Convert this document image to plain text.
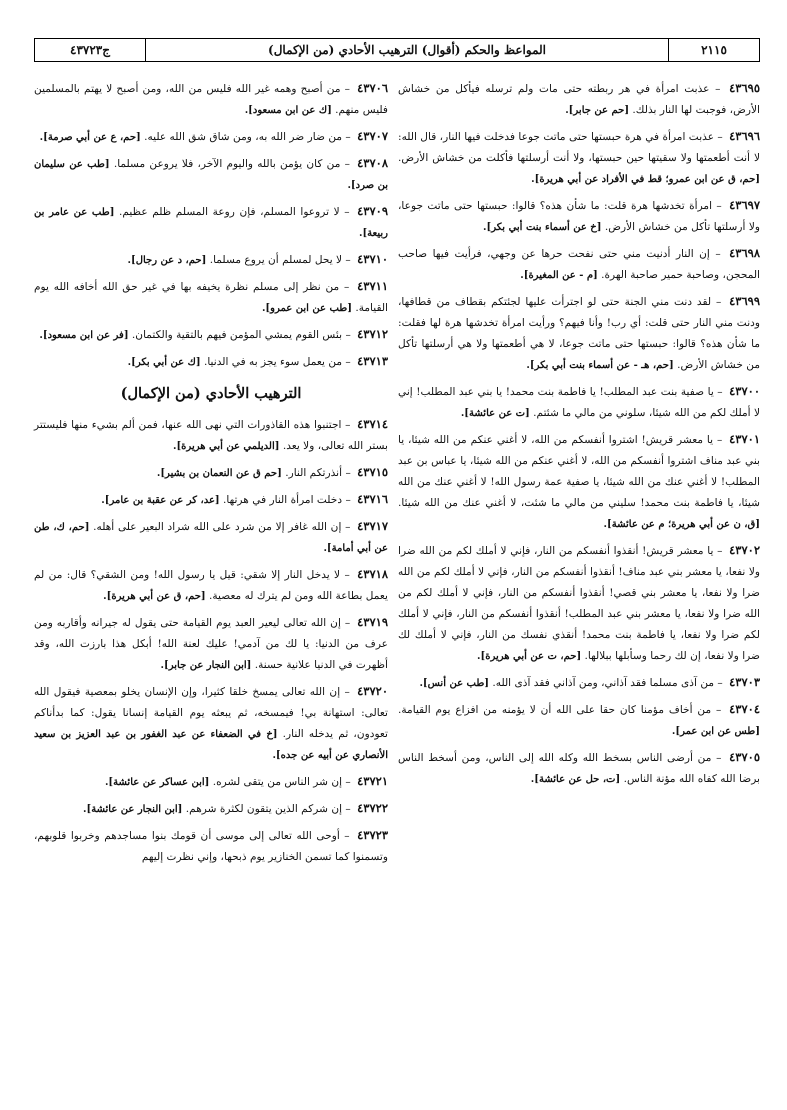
٢١١٥
المواعظ والحكم (أقوال) الترهيب الأحادي (من الإكمال)
ج٤٣٧٢٣

٤٣٦٩٥ – عذبت امرأة في هر ربطته حتى مات ولم ترسله فيأكل من خشاش الأرض، فوجبت لها النار بذلك. [حم عن جابر].

٤٣٦٩٦ – عذبت امرأة في هرة حبستها حتى ماتت جوعا فدخلت فيها النار، قال الله: لا أنت أطعمتها ولا سقيتها حين حبستها، ولا أنت أرسلتها فأكلت من خشاش الأرض. [حم، ق عن ابن عمرو؛ قط في الأفراد عن أبي هريرة].

٤٣٦٩٧ – امرأة تخدشها هرة قلت: ما شأن هذه؟ قالوا: حبستها حتى ماتت جوعا، ولا أرسلتها تأكل من خشاش الأرض. [خ عن أسماء بنت أبي بكر].

٤٣٦٩٨ – إن النار أدنيت مني حتى نفحت حرها عن وجهي، فرأيت فيها صاحب المحجن، وصاحبة حمير صاحبة الهرة. [م - عن المغيرة].

٤٣٦٩٩ – لقد دنت مني الجنة حتى لو اجترأت عليها لجئتكم بقطاف من قطافها، ودنت مني النار حتى قلت: أي رب! وأنا فيهم؟ ورأيت امرأة تخدشها هرة لها فقلت: ما شأن هذه؟ قالوا: حبستها حتى ماتت جوعا، لا هي أطعمتها ولا هي أرسلتها تأكل من خشاش الأرض. [حم، هـ - عن أسماء بنت أبي بكر].

٤٣٧٠٠ – يا صفية بنت عبد المطلب! يا فاطمة بنت محمد! يا بني عبد المطلب! إني لا أملك لكم من الله شيئا، سلوني من مالي ما شئتم. [ت عن عائشة].

٤٣٧٠١ – يا معشر قريش! اشتروا أنفسكم من الله، لا أغني عنكم من الله شيئا، يا بني عبد مناف اشتروا أنفسكم من الله، لا أغني عنكم من الله شيئا، يا عباس بن عبد المطلب! لا أغني عنك من الله شيئا، يا صفية عمة رسول الله! لا أغني عنك من الله شيئا، يا فاطمة بنت محمد! سليني من مالي ما شئت، لا أغني عنك من الله شيئا. [ق، ن عن أبي هريرة؛ م عن عائشة].

٤٣٧٠٢ – يا معشر قريش! أنقذوا أنفسكم من النار، فإني لا أملك لكم من الله ضرا ولا نفعا، يا معشر بني عبد مناف! أنقذوا أنفسكم من النار، فإني لا أملك لكم من الله ضرا ولا نفعا، يا معشر بني قصي! أنقذوا أنفسكم من النار، فإني لا أملك لكم من الله ضرا ولا نفعا، يا معشر بني عبد المطلب! أنقذوا أنفسكم من النار، فإني لا أملك لكم ضرا ولا نفعا، يا فاطمة بنت محمد! أنقذي نفسك من النار، فإني لا أملك لك ضرا ولا نفعا، إن لك رحما وسأبلها ببلالها. [حم، ت عن أبي هريرة].

٤٣٧٠٣ – من آذى مسلما فقد آذاني، ومن آذاني فقد آذى الله. [طب عن أنس].

٤٣٧٠٤ – من أخاف مؤمنا كان حقا على الله أن لا يؤمنه من افزاع يوم القيامة. [طس عن ابن عمر].

٤٣٧٠٥ – من أرضى الناس بسخط الله وكله الله إلى الناس، ومن أسخط الناس برضا الله كفاه الله مؤنة الناس. [ت، حل عن عائشة].

٤٣٧٠٦ – من أصبح وهمه غير الله فليس من الله، ومن أصبح لا يهتم بالمسلمين فليس منهم. [ك عن ابن مسعود].

٤٣٧٠٧ – من ضار ضر الله به، ومن شاق شق الله عليه. [حم، ع عن أبي صرمة].

٤٣٧٠٨ – من كان يؤمن بالله واليوم الآخر، فلا يروعن مسلما. [طب عن سليمان بن صرد].

٤٣٧٠٩ – لا تروعوا المسلم، فإن روعة المسلم ظلم عظيم. [طب عن عامر بن ربيعة].

٤٣٧١٠ – لا يحل لمسلم أن يروع مسلما. [حم، د عن رجال].

٤٣٧١١ – من نظر إلى مسلم نظرة يخيفه بها في غير حق الله أخافه الله يوم القيامة. [طب عن ابن عمرو].

٤٣٧١٢ – بئس القوم يمشي المؤمن فيهم بالتقية والكتمان. [فر عن ابن مسعود].

٤٣٧١٣ – من يعمل سوء يجز به في الدنيا. [ك عن أبي بكر].

الترهيب الأحادي (من الإكمال)

٤٣٧١٤ – اجتنبوا هذه القاذورات التي نهى الله عنها، فمن ألم بشيء منها فليستتر بستر الله تعالى، ولا يعد. [الديلمي عن أبي هريرة].

٤٣٧١٥ – أنذرتكم النار. [حم ق عن النعمان بن بشير].

٤٣٧١٦ – دخلت امرأة النار في هرتها. [عد، كر عن عقبة بن عامر].

٤٣٧١٧ – إن الله غافر إلا من شرد على الله شراد البعير على أهله. [حم، ك، طن عن أبي أمامة].

٤٣٧١٨ – لا يدخل النار إلا شقي: قيل يا رسول الله! ومن الشقي؟ قال: من لم يعمل بطاعة الله ومن لم يترك له معصية. [حم، ق عن أبي هريرة].

٤٣٧١٩ – إن الله تعالى ليعير العبد يوم القيامة حتى يقول له جيرانه وأقاربه ومن عرف من الدنيا: يا لك من آدمي! عليك لعنة الله! أبكل هذا بارزت الله، وقد أظهرت في الدنيا علانية حسنة. [ابن النجار عن جابر].

٤٣٧٢٠ – إن الله تعالى يمسخ خلقا كثيرا، وإن الإنسان يخلو بمعصية فيقول الله تعالى: استهانة بي! فيمسخه، ثم يبعثه يوم القيامة إنسانا يقول: كما بدأناكم تعودون، ثم يدخله النار. [خ في الضعفاء عن عبد الغفور بن عبد العزيز بن سعيد الأنصاري عن أبيه عن جده].

٤٣٧٢١ – إن شر الناس من يتقى لشره. [ابن عساكر عن عائشة].

٤٣٧٢٢ – إن شركم الذين يتقون لكثرة شرهم. [ابن النجار عن عائشة].

٤٣٧٢٣ – أوحى الله تعالى إلى موسى أن قومك بنوا مساجدهم وخربوا قلوبهم، وتسمنوا كما تسمن الخنازير يوم ذبحها، وإني نظرت إليهم
